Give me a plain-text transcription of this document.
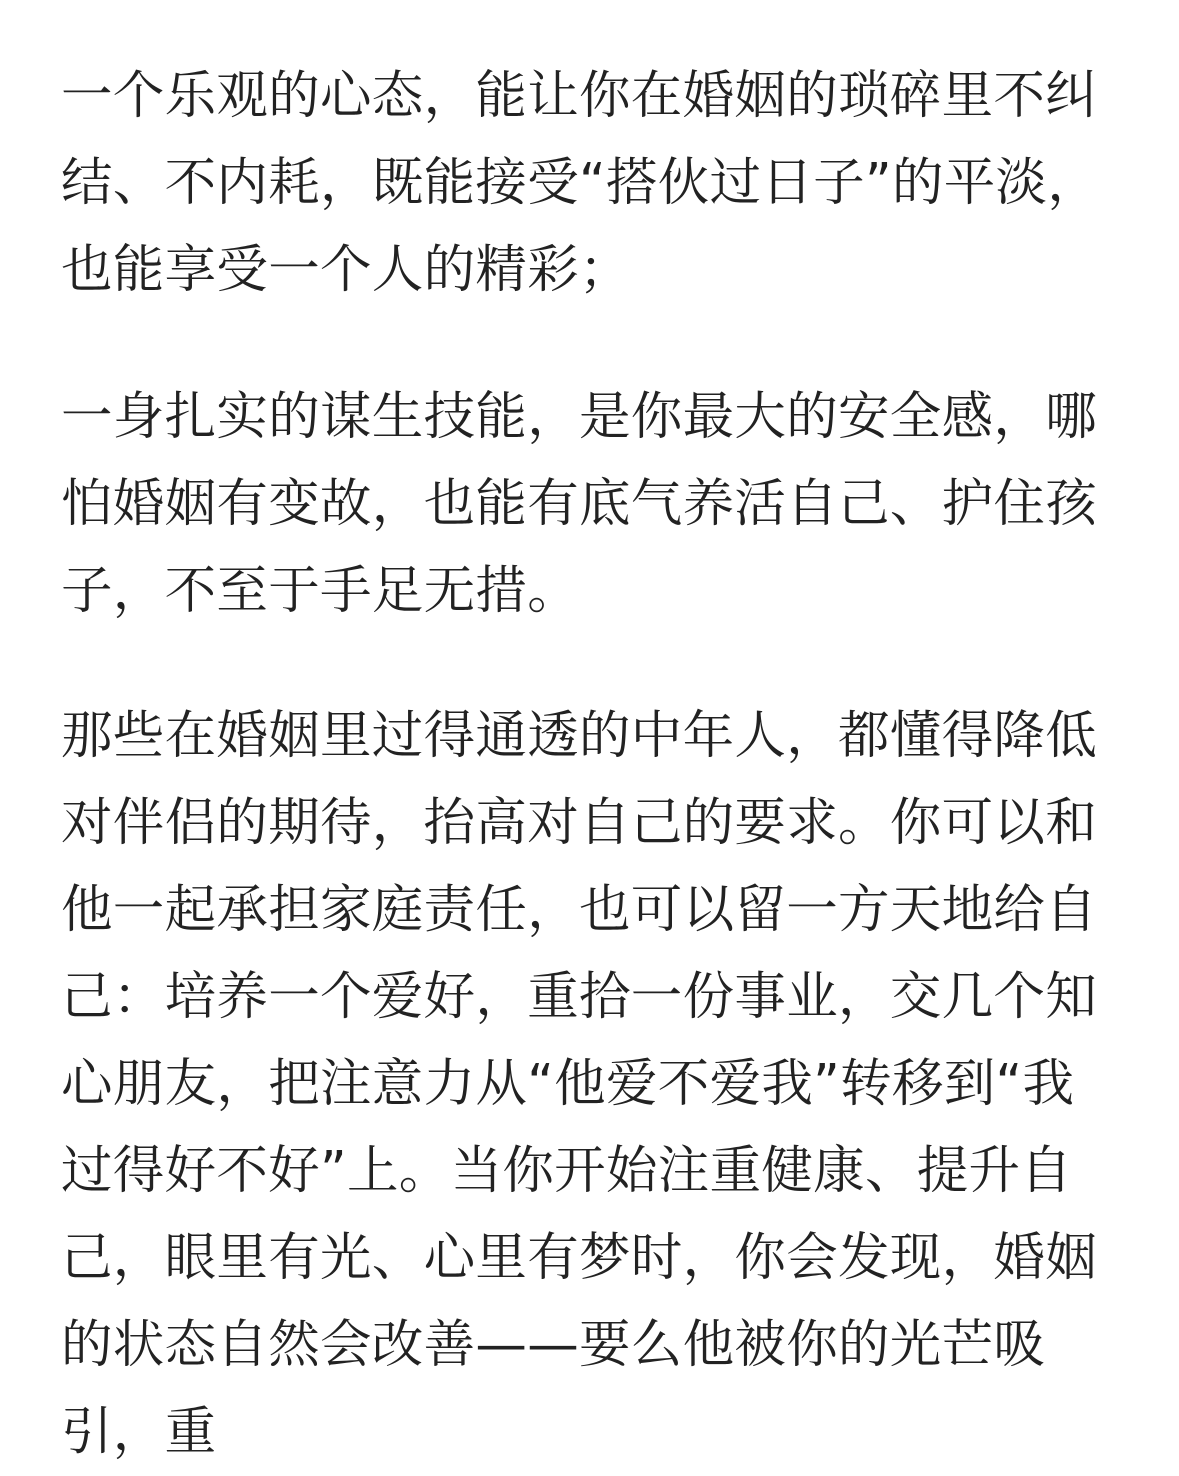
一个乐观的心态，能让你在婚姻的琐碎里不纠结、不内耗，既能接受“搭伙过日子”的平淡，也能享受一个人的精彩；

一身扎实的谋生技能，是你最大的安全感，哪怕婚姻有变故，也能有底气养活自己、护住孩子，不至于手足无措。

那些在婚姻里过得通透的中年人，都懂得降低对伴侣的期待，抬高对自己的要求。你可以和他一起承担家庭责任，也可以留一方天地给自己：培养一个爱好，重拾一份事业，交几个知心朋友，把注意力从“他爱不爱我”转移到“我过得好不好”上。当你开始注重健康、提升自己，眼里有光、心里有梦时，你会发现，婚姻的状态自然会改善——要么他被你的光芒吸引，重
